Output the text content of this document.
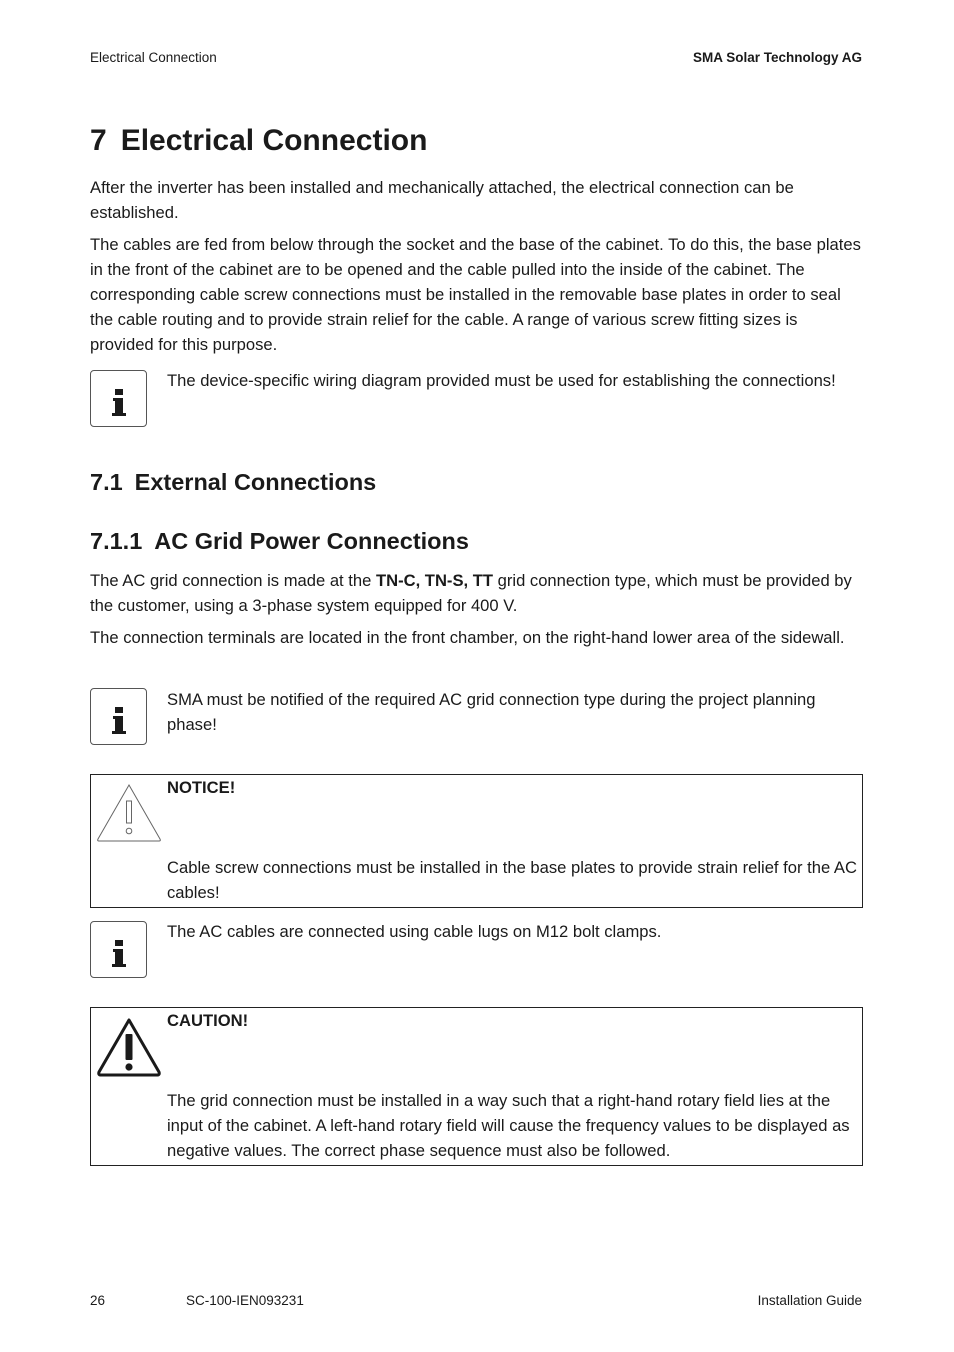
Electrical Connection	SMA Solar Technology AG
7 Electrical Connection

After the inverter has been installed and mechanically attached, the electrical connection can be established.

The cables are fed from below through the socket and the base of the cabinet. To do this, the base plates in the front of the cabinet are to be opened and the cable pulled into the inside of the cabinet. The corresponding cable screw connections must be installed in the removable base plates in order to seal the cable routing and to provide strain relief for the cable. A range of various screw fitting sizes is provided for this purpose.

The device-specific wiring diagram provided must be used for establishing the connections!

7.1 External Connections
7.1.1 AC Grid Power Connections

The AC grid connection is made at the TN-C, TN-S, TT grid connection type, which must be provided by the customer, using a 3-phase system equipped for 400 V.

The connection terminals are located in the front chamber, on the right-hand lower area of the sidewall.

SMA must be notified of the required AC grid connection type during the project planning phase!

NOTICE!

Cable screw connections must be installed in the base plates to provide strain relief for the AC cables!

The AC cables are connected using cable lugs on M12 bolt clamps.

CAUTION!

The grid connection must be installed in a way such that a right-hand rotary field lies at the input of the cabinet. A left-hand rotary field will cause the frequency values to be displayed as negative values. The correct phase sequence must also be followed.

26	SC-100-IEN093231	Installation Guide
